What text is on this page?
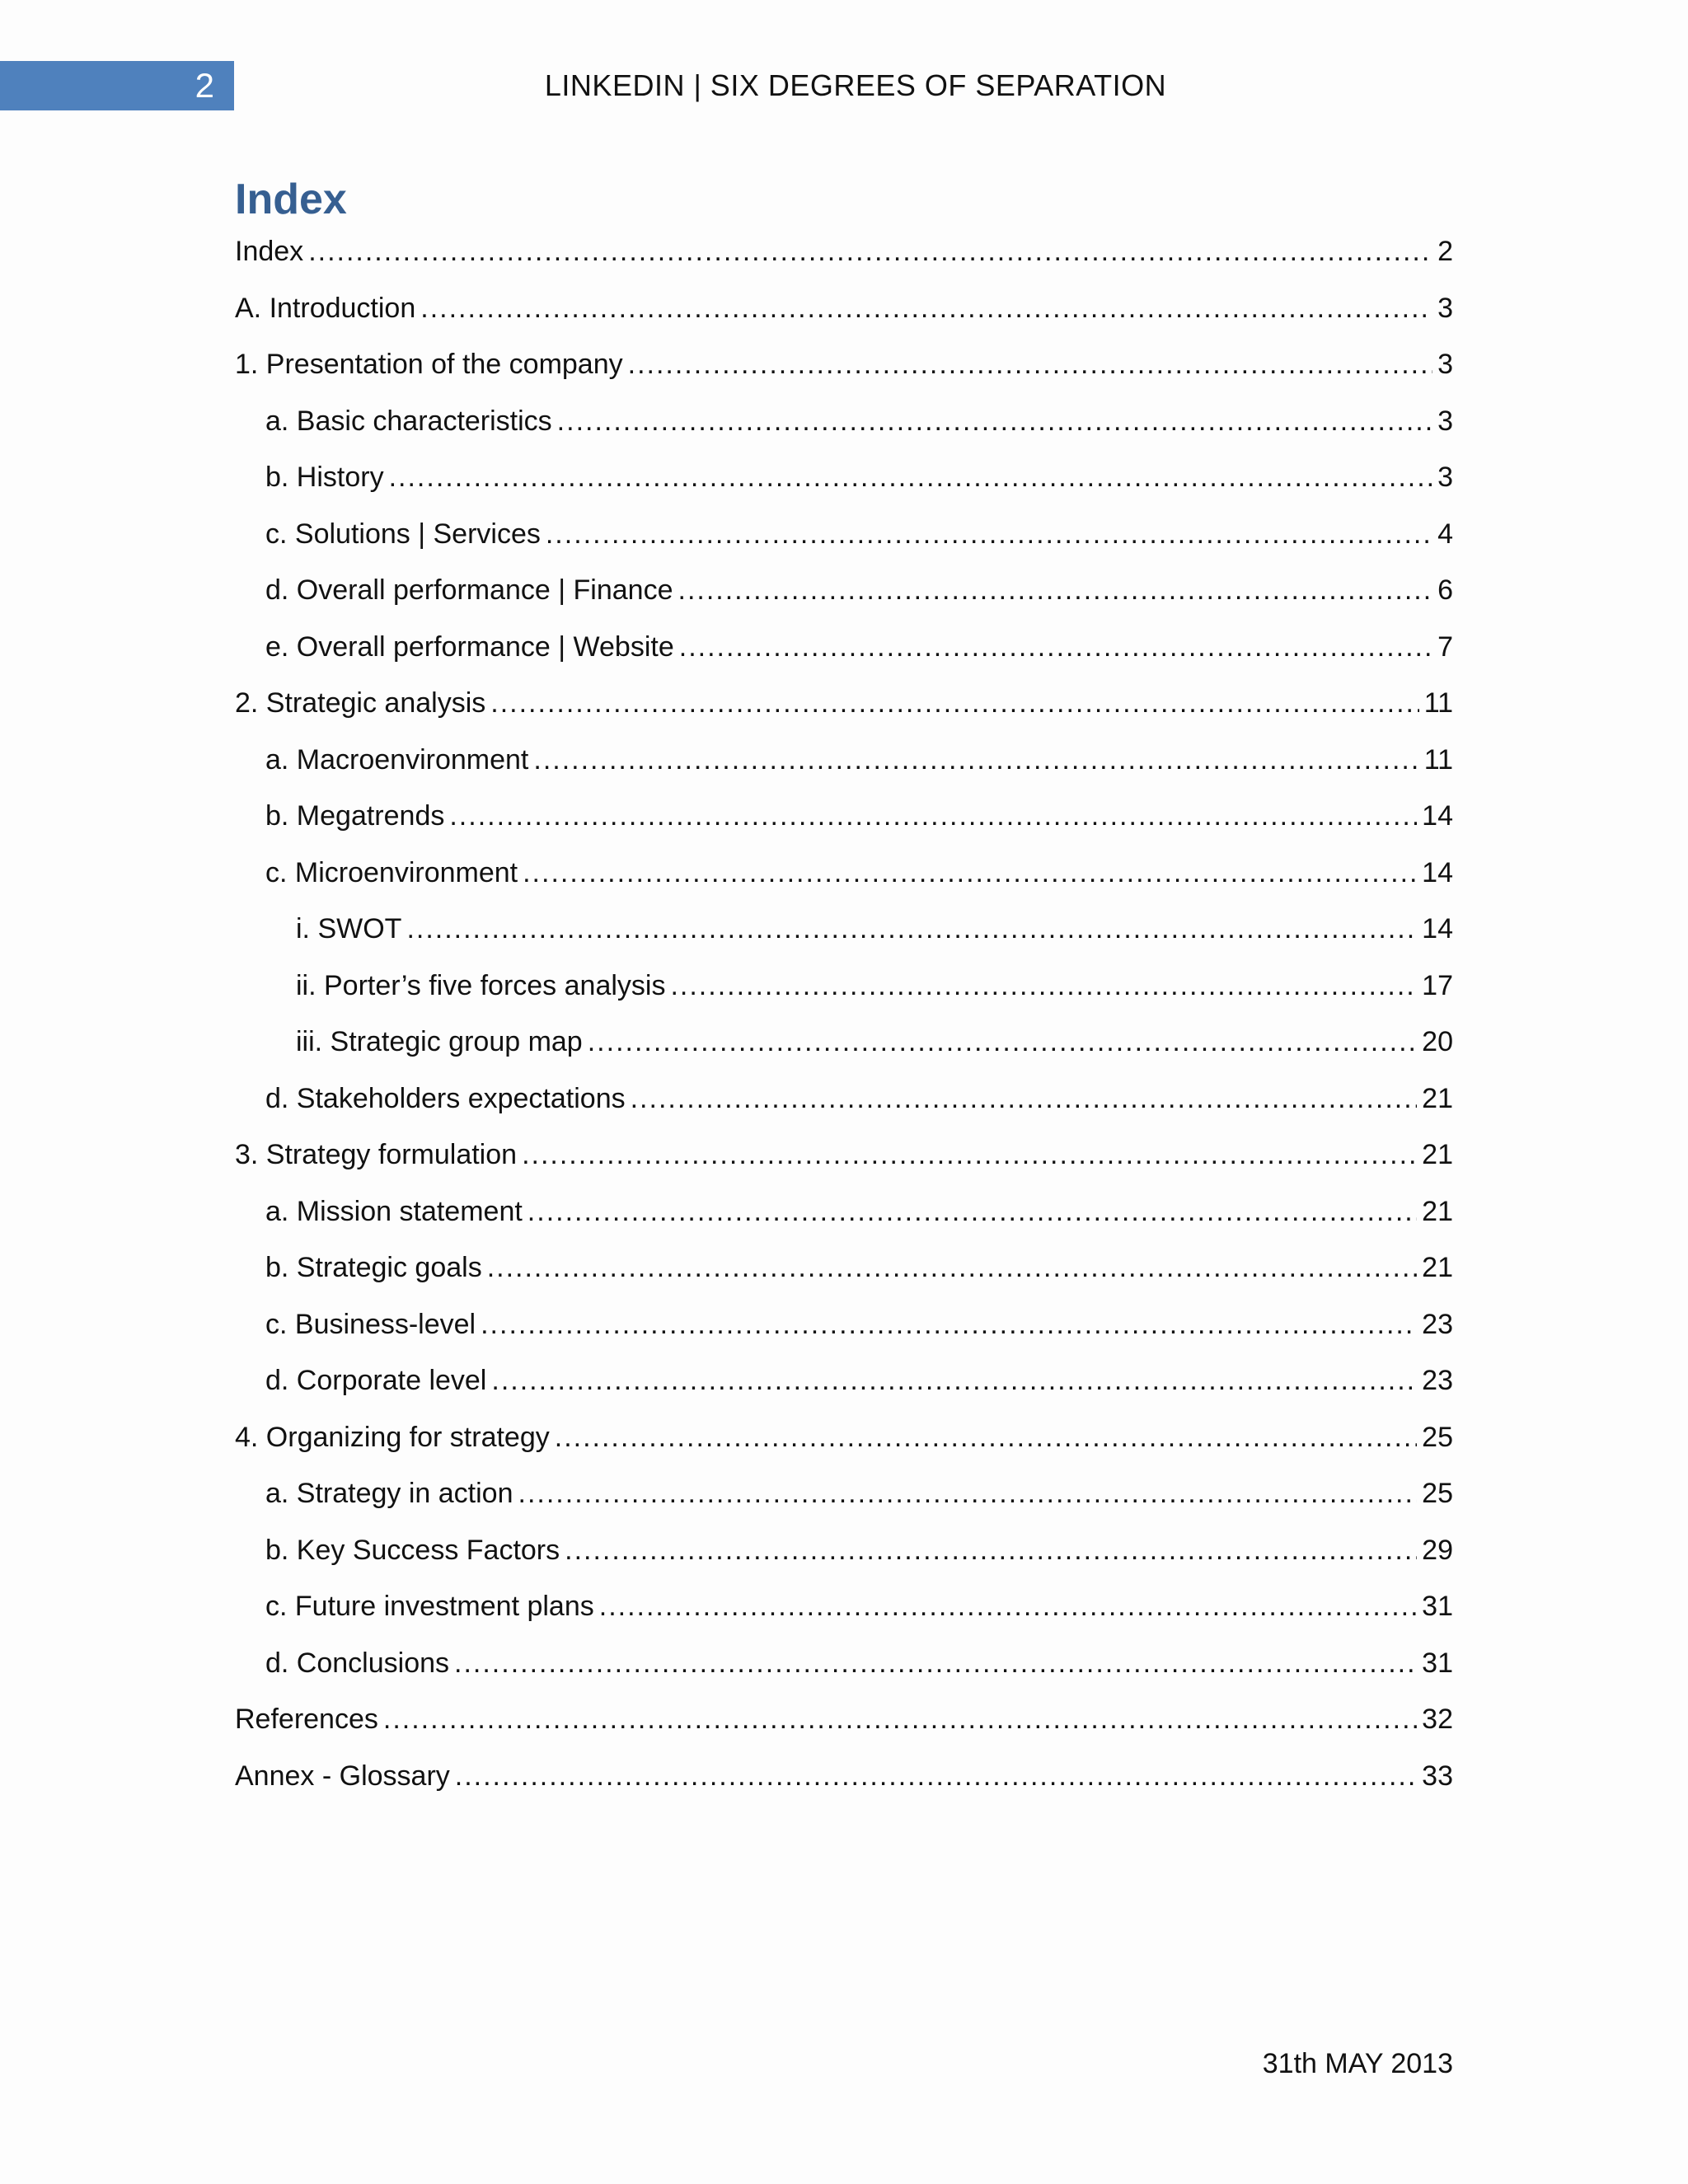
2	LINKEDIN | SIX DEGREES OF SEPARATION
Index
Index .....	2
A. Introduction .....	3
1. Presentation of the company .....	3
a. Basic characteristics .....	3
b. History .....	3
c. Solutions | Services .....	4
d. Overall performance | Finance .....	6
e. Overall performance | Website .....	7
2. Strategic analysis .....	11
a. Macroenvironment .....	11
b. Megatrends .....	14
c. Microenvironment .....	14
i. SWOT .....	14
ii. Porter’s five forces analysis .....	17
iii. Strategic group map .....	20
d. Stakeholders expectations .....	21
3. Strategy formulation .....	21
a. Mission statement .....	21
b. Strategic goals .....	21
c. Business-level .....	23
d. Corporate level .....	23
4. Organizing for strategy .....	25
a. Strategy in action .....	25
b. Key Success Factors .....	29
c. Future investment plans .....	31
d. Conclusions .....	31
References .....	32
Annex - Glossary .....	33
31th MAY 2013
